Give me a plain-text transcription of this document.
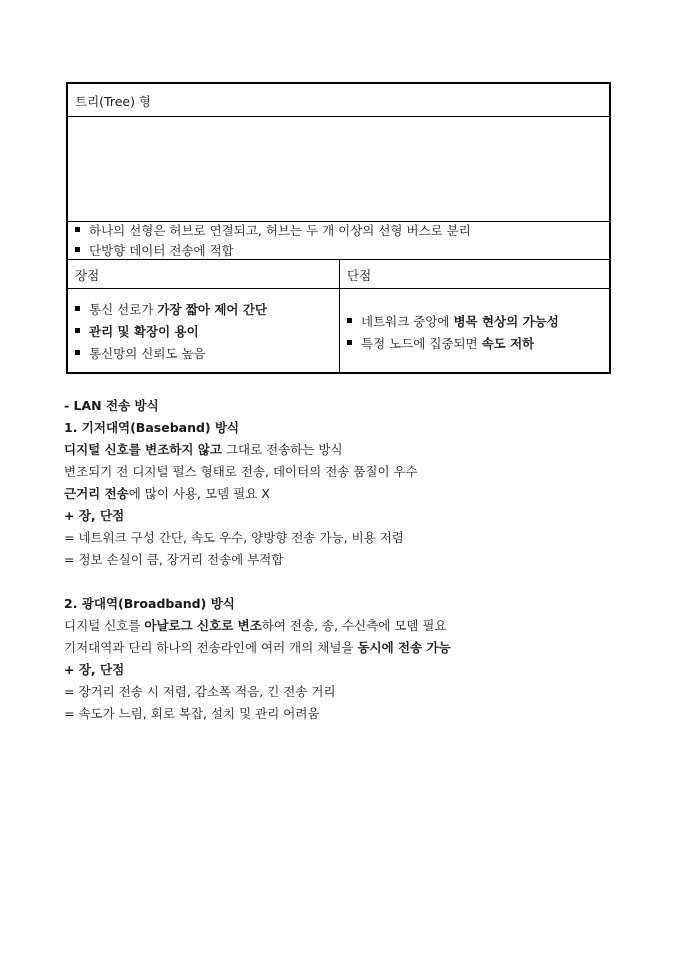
트리(Tree) 형
하나의 선형은 허브로 연결되고, 허브는 두 개 이상의 선형 버스로 분리
단방향 데이터 전송에 적합
장점	단점
통신 선로가 가장 짧아 제어 간단
관리 및 확장이 용이
통신망의 신뢰도 높음
네트워크 중앙에 병목 현상의 가능성
특정 노드에 집중되면 속도 저하
- LAN 전송 방식
1. 기저대역(Baseband) 방식
디지털 신호를 변조하지 않고 그대로 전송하는 방식
변조되기 전 디지털 펄스 형태로 전송, 데이터의 전송 품질이 우수
근거리 전송에 많이 사용, 모뎀 필요 X
+ 장, 단점
= 네트워크 구성 간단, 속도 우수, 양방향 전송 가능, 비용 저렴
= 정보 손실이 큼, 장거리 전송에 부적합
2. 광대역(Broadband) 방식
디지털 신호를 아날로그 신호로 변조하여 전송, 송, 수신측에 모뎀 필요
기저대역과 단리 하나의 전송라인에 여러 개의 채널을 동시에 전송 가능
+ 장, 단점
= 장거리 전송 시 저렴, 감소폭 적음, 긴 전송 거리
= 속도가 느림, 회로 복잡, 설치 및 관리 어려움
